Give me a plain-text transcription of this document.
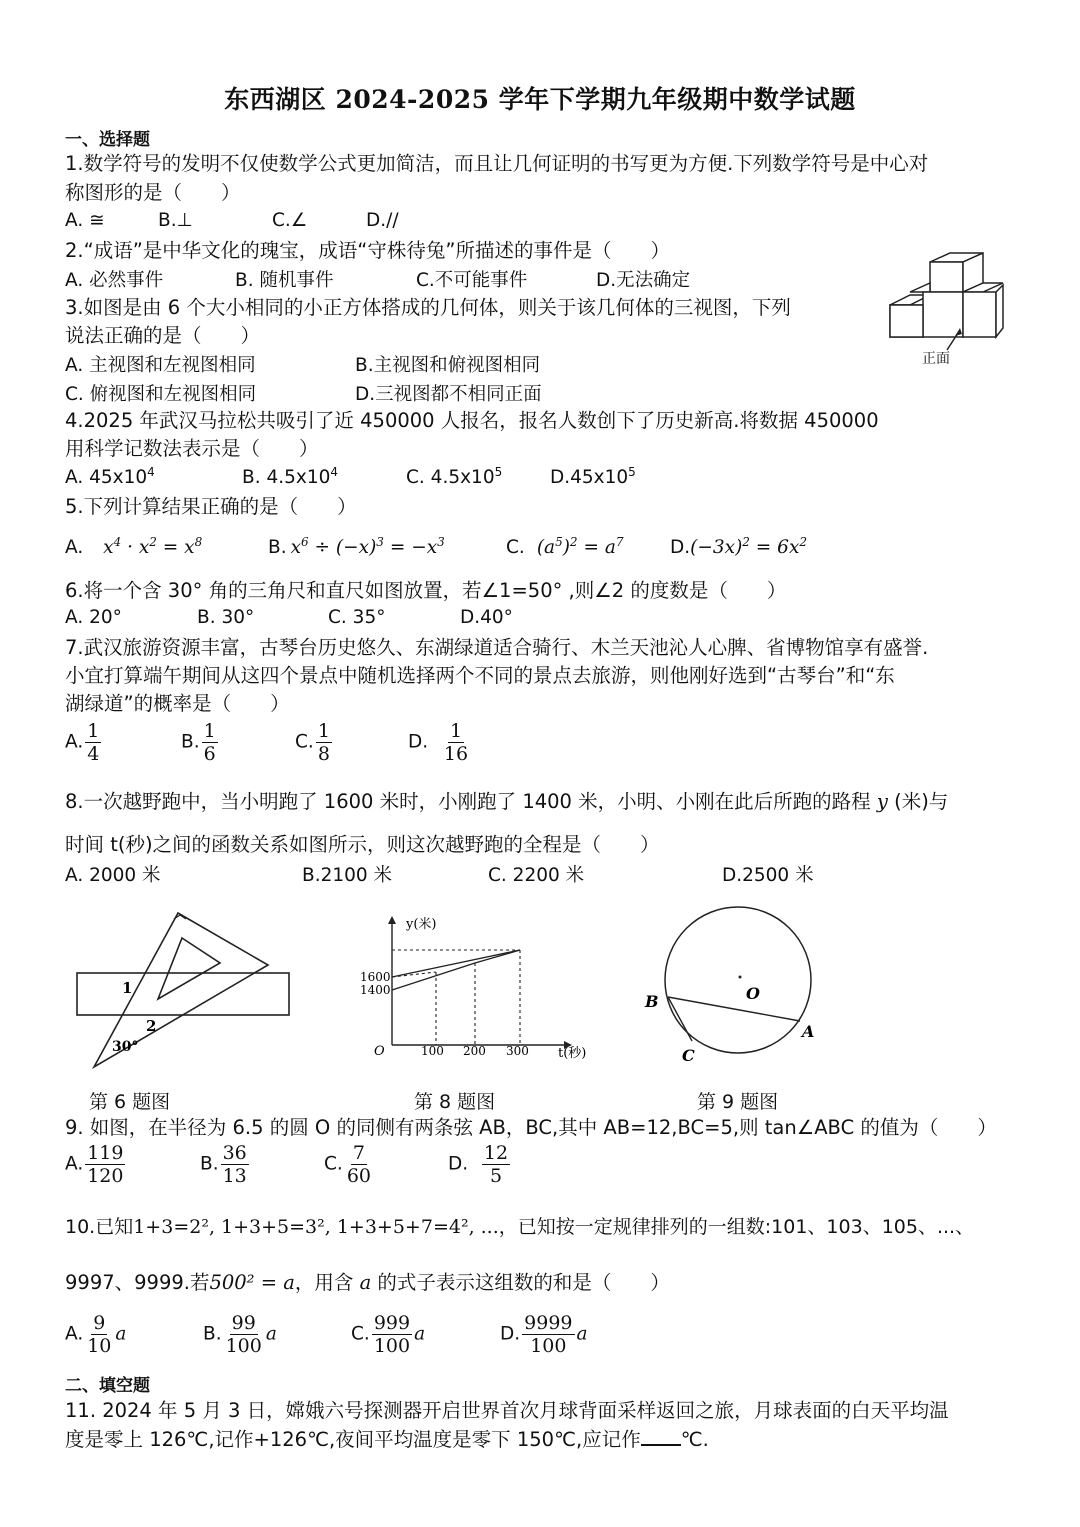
东西湖区 2024-2025 学年下学期九年级期中数学试题
一、选择题
1.数学符号的发明不仅使数学公式更加简洁，而且让几何证明的书写更为方便.下列数学符号是中心对
称图形的是（　　）
A. ≅	B.⊥	C.∠	D.//
2.“成语”是中华文化的瑰宝，成语“守株待兔”所描述的事件是（　　）
A. 必然事件	B. 随机事件	C.不可能事件	D.无法确定
3.如图是由 6 个大小相同的小正方体搭成的几何体，则关于该几何体的三视图，下列
说法正确的是（　　）
A. 主视图和左视图相同	B.主视图和俯视图相同
C. 俯视图和左视图相同	D.三视图都不相同正面
正面
4.2025 年武汉马拉松共吸引了近 450000 人报名，报名人数创下了历史新高.将数据 450000
用科学记数法表示是（　　）
A. $45x10^4$	B. $4.5x10^4$	C. $4.5x10^5$	$D.45x10^5$
5.下列计算结果正确的是（　　）
A. $x^4 \cdot x^2 = x^8$	B. $x^6 \div (-x)^3 = -x^3$	C. $(a^5)^2 = a^7$	$D.(-3x)^2 = 6x^2$
6.将一个含 30° 角的三角尺和直尺如图放置，若∠1=50° ,则∠2 的度数是（　　）
A. 20°	B. 30°	C. 35°	D.40°
7.武汉旅游资源丰富，古琴台历史悠久、东湖绿道适合骑行、木兰天池沁人心脾、省博物馆享有盛誉.
小宜打算端午期间从这四个景点中随机选择两个不同的景点去旅游，则他刚好选到“古琴台”和“东
湖绿道”的概率是（　　）
A. $\frac{1}{4}$	B. $\frac{1}{6}$	C. $\frac{1}{8}$	D. $\frac{1}{16}$
8.一次越野跑中，当小明跑了 1600 米时，小刚跑了 1400 米，小明、小刚在此后所跑的路程 y (米)与
时间 t(秒)之间的函数关系如图所示，则这次越野跑的全程是（　　）
A. 2000 米	B.2100 米	C. 2200 米	D.2500 米
1
2
30°
第 6 题图
y(米)
1600
1400
O	100 200 300 t(秒)
第 8 题图
O
B
A
C
第 9 题图
9. 如图，在半径为 6.5 的圆 O 的同侧有两条弦 AB，BC,其中 AB=12,BC=5,则 tan∠ABC 的值为（　　）
A. $\frac{119}{120}$	B. $\frac{36}{13}$	C. $\frac{7}{60}$	D. $\frac{12}{5}$
10.已知1+3=2², 1+3+5=3², 1+3+5+7=4², ...，已知按一定规律排列的一组数:101、103、105、...、
9997、9999.若500² = a，用含 a 的式子表示这组数的和是（　　）
A. $\frac{9}{10}$ a	B. $\frac{99}{100}$ a	C. $\frac{999}{100}$ a	D. $\frac{9999}{100}$ a
二、填空题
11. 2024 年 5 月 3 日，嫦娥六号探测器开启世界首次月球背面采样返回之旅，月球表面的白天平均温
度是零上 126℃,记作+126℃,夜间平均温度是零下 150℃,应记作 ℃.
